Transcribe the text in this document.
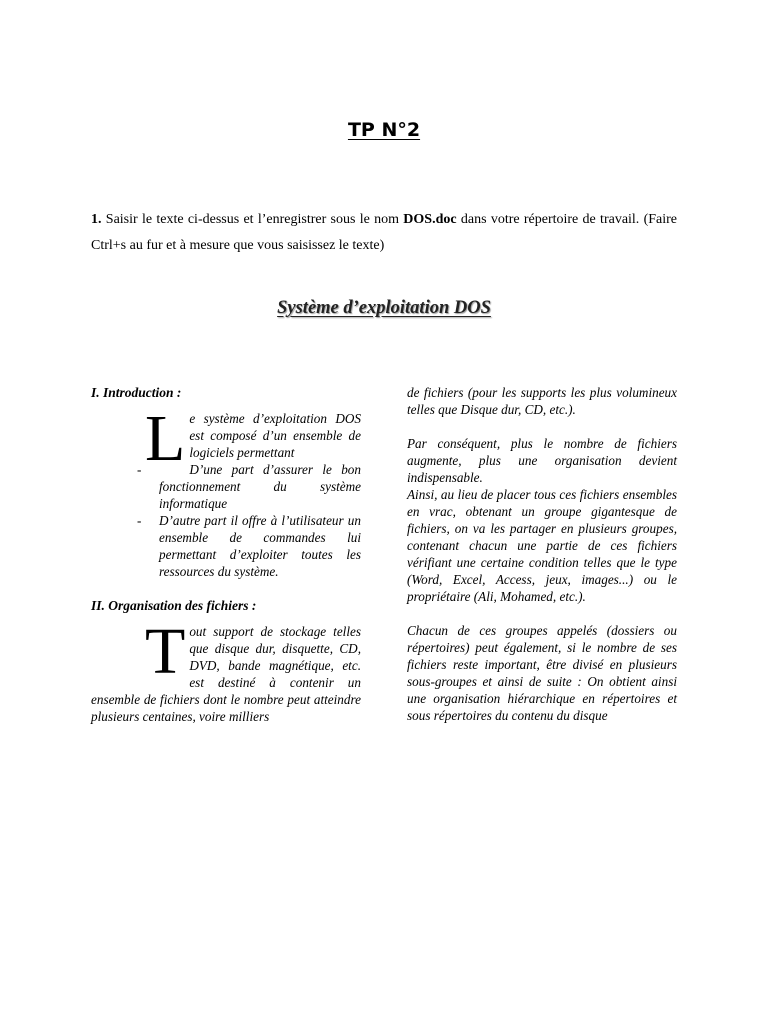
TP N°2
1. Saisir le texte ci-dessus et l’enregistrer sous le nom DOS.doc dans votre répertoire de travail. (Faire Ctrl+s au fur et à mesure que vous saisissez le texte)
Système d’exploitation DOS

I. Introduction :

Le système d’exploitation DOS est composé d’un ensemble de logiciels permettant

-	D’une part d’assurer le bon fonctionnement du système informatique
- D’autre part il offre à l’utilisateur un ensemble de commandes lui permettant d’exploiter toutes les ressources du système.

II. Organisation des fichiers :

Tout support de stockage telles que disque dur, disquette, CD, DVD, bande magnétique, etc. est destiné à contenir un ensemble de fichiers dont le nombre peut atteindre plusieurs centaines, voire milliers

de fichiers (pour les supports les plus volumineux telles que Disque dur, CD, etc.).

Par conséquent, plus le nombre de fichiers augmente, plus une organisation devient indispensable.

Ainsi, au lieu de placer tous ces fichiers ensembles en vrac, obtenant un groupe gigantesque de fichiers, on va les partager en plusieurs groupes, contenant chacun une partie de ces fichiers vérifiant une certaine condition telles que le type (Word, Excel, Access, jeux, images...) ou le propriétaire (Ali, Mohamed, etc.).

Chacun de ces groupes appelés (dossiers ou répertoires) peut également, si le nombre de ses fichiers reste important, être divisé en plusieurs sous-groupes et ainsi de suite : On obtient ainsi une organisation hiérarchique en répertoires et sous répertoires du contenu du disque
